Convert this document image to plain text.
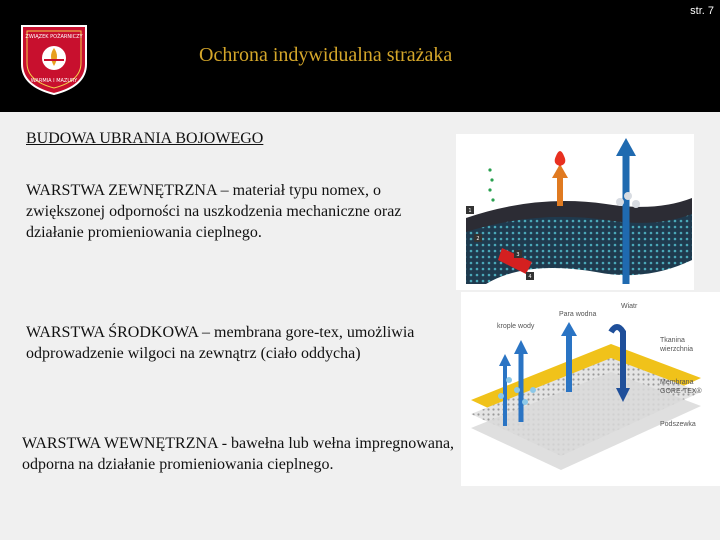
str. 7
ZWIĄZEK POŻARNICZY
WARMIA I MAZURY
Ochrona indywidualna strażaka
BUDOWA UBRANIA BOJOWEGO

WARSTWA ZEWNĘTRZNA – materiał typu nomex, o zwiększonej odporności na uszkodzenia mechaniczne oraz działanie promieniowania cieplnego.

WARSTWA ŚRODKOWA – membrana gore-tex, umożliwia odprowadzenie wilgoci na zewnątrz (ciało oddycha)

WARSTWA WEWNĘTRZNA - bawełna lub wełna impregnowana, odporna na działanie promieniowania cieplnego.

1
2
3
4
krople wody
Para wodna
Wiatr
Tkanina
wierzchnia
Membrana
GORE-TEX®
Podszewka
